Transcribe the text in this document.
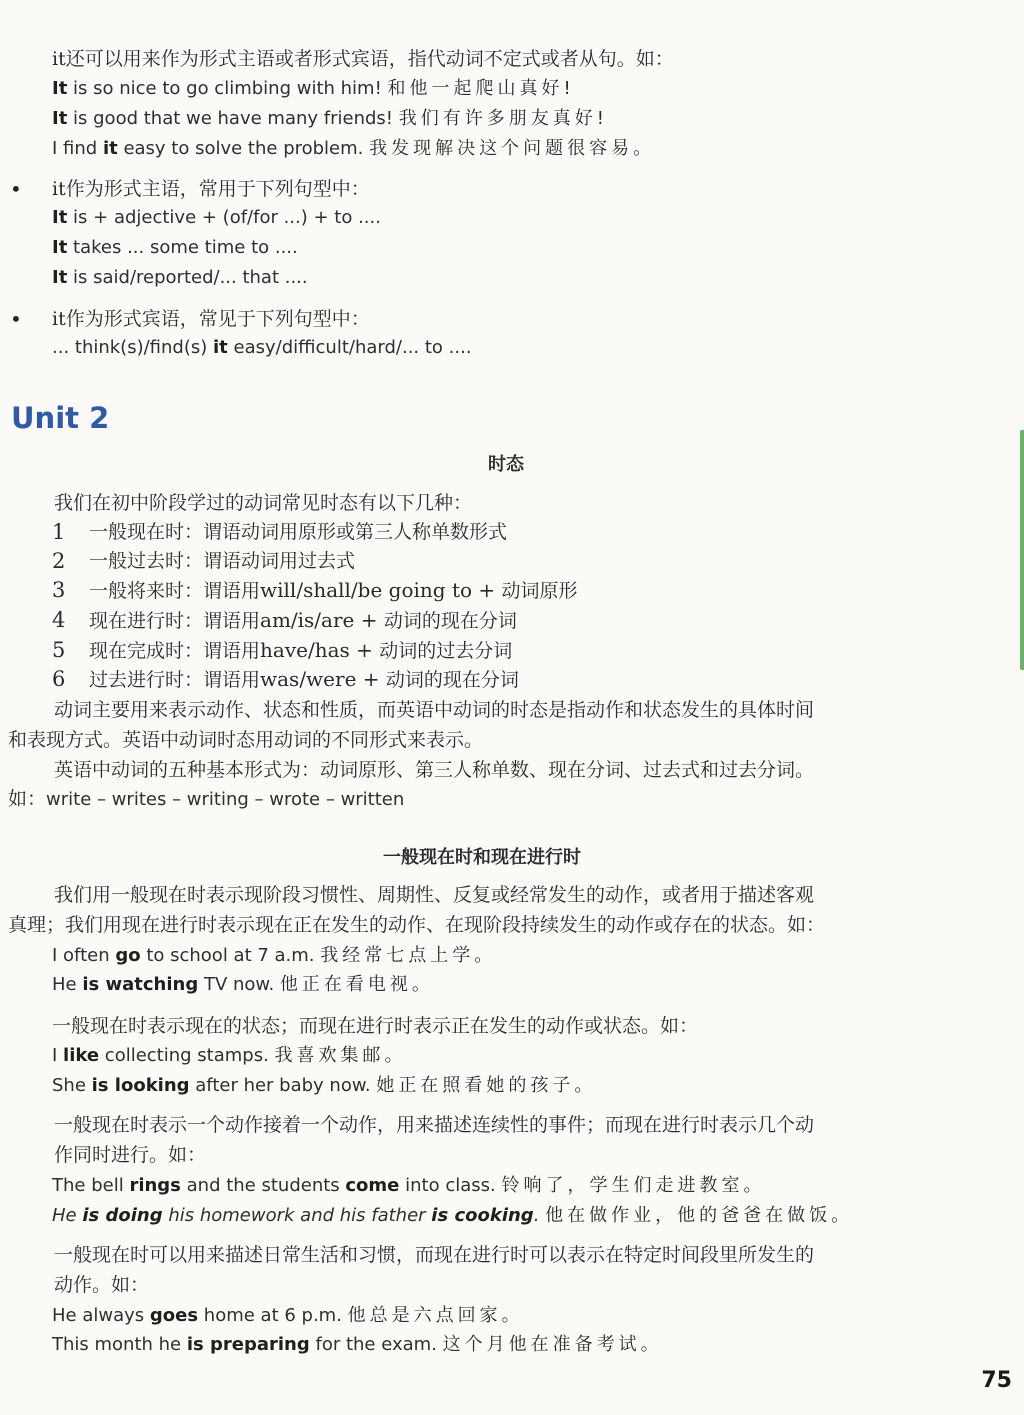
it还可以用来作为形式主语或者形式宾语，指代动词不定式或者从句。如：
It is so nice to go climbing with him! 和他一起爬山真好!
It is good that we have many friends! 我们有许多朋友真好!
I find it easy to solve the problem. 我发现解决这个问题很容易。
• it作为形式主语，常用于下列句型中：
It is + adjective + (of/for ...) + to ....
It takes ... some time to ....
It is said/reported/... that ....
• it作为形式宾语，常见于下列句型中：
... think(s)/find(s) it easy/difficult/hard/... to ....
Unit 2
时态
我们在初中阶段学过的动词常见时态有以下几种：
1 一般现在时：谓语动词用原形或第三人称单数形式
2 一般过去时：谓语动词用过去式
3 一般将来时：谓语用will/shall/be going to + 动词原形
4 现在进行时：谓语用am/is/are + 动词的现在分词
5 现在完成时：谓语用have/has + 动词的过去分词
6 过去进行时：谓语用was/were + 动词的现在分词
动词主要用来表示动作、状态和性质，而英语中动词的时态是指动作和状态发生的具体时间
和表现方式。英语中动词时态用动词的不同形式来表示。
英语中动词的五种基本形式为：动词原形、第三人称单数、现在分词、过去式和过去分词。
如：write – writes – writing – wrote – written
一般现在时和现在进行时
我们用一般现在时表示现阶段习惯性、周期性、反复或经常发生的动作，或者用于描述客观
真理；我们用现在进行时表示现在正在发生的动作、在现阶段持续发生的动作或存在的状态。如：
I often go to school at 7 a.m. 我经常七点上学。
He is watching TV now. 他正在看电视。
一般现在时表示现在的状态；而现在进行时表示正在发生的动作或状态。如：
I like collecting stamps. 我喜欢集邮。
She is looking after her baby now. 她正在照看她的孩子。
一般现在时表示一个动作接着一个动作，用来描述连续性的事件；而现在进行时表示几个动
作同时进行。如：
The bell rings and the students come into class. 铃响了，学生们走进教室。
He is doing his homework and his father is cooking. 他在做作业，他的爸爸在做饭。
一般现在时可以用来描述日常生活和习惯，而现在进行时可以表示在特定时间段里所发生的
动作。如：
He always goes home at 6 p.m. 他总是六点回家。
This month he is preparing for the exam. 这个月他在准备考试。
75
